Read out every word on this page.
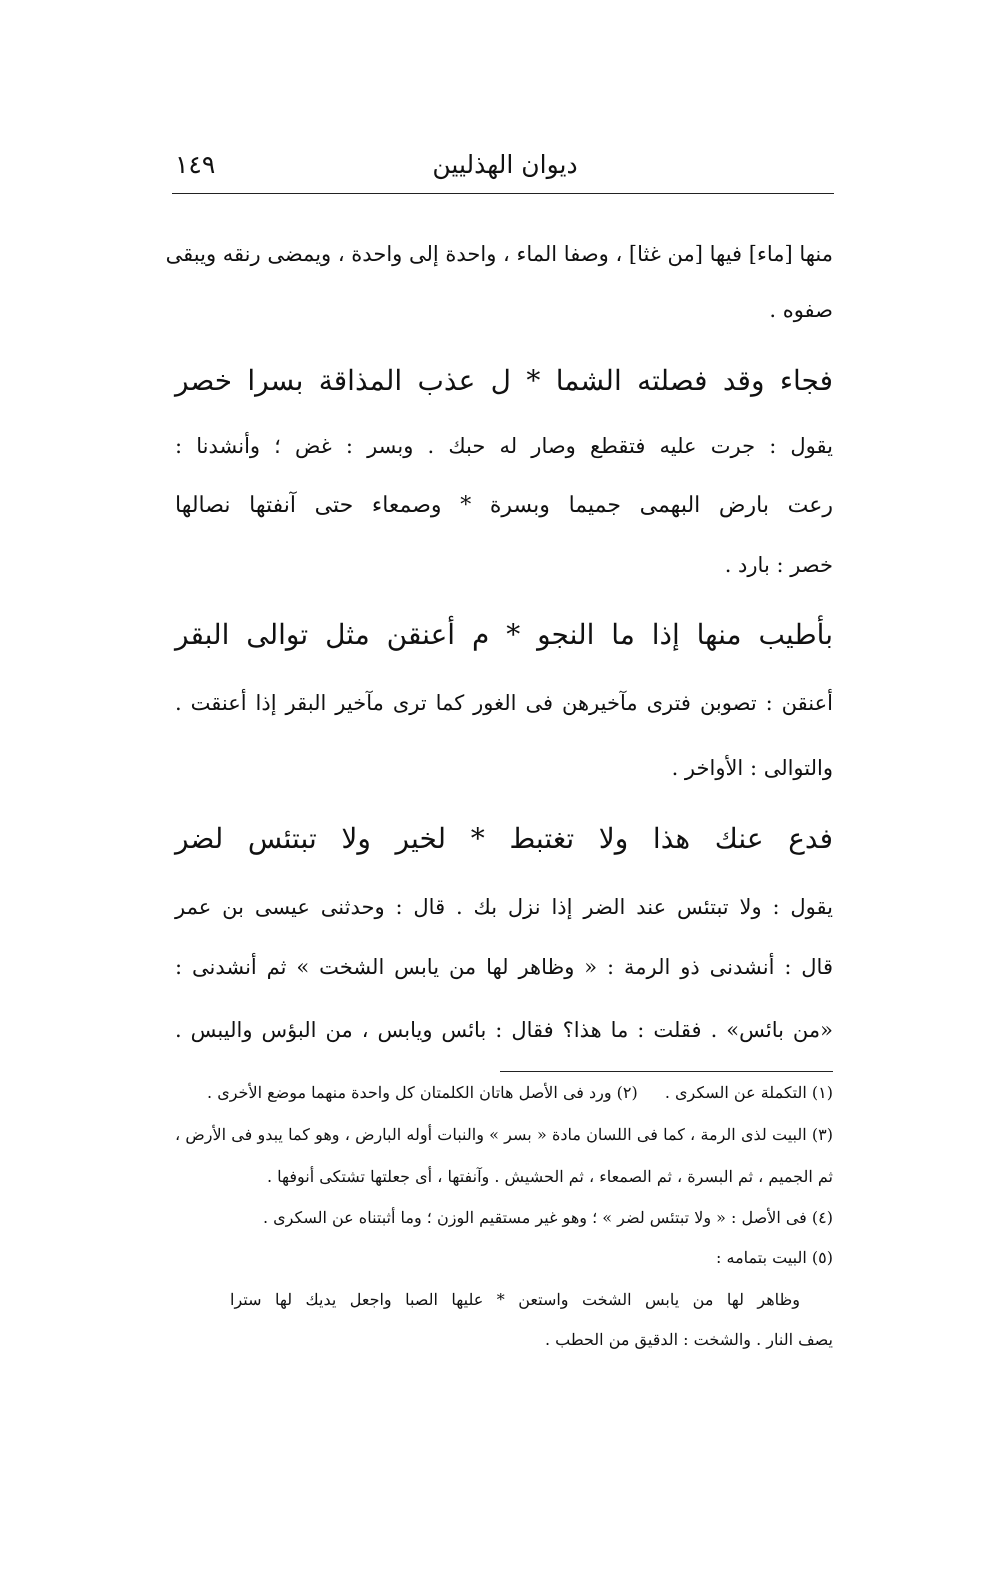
ديوان الهذليين
١٤٩
منها [ماء] فيها [من غثا] ، وصفا الماء ، واحدة إلى واحدة ، ويمضى رنقه ويبقى
صفوه .
فجاء وقد فصلته الشما * ل عذب المذاقة بسرا خصر
يقول : جرت عليه فتقطع وصار له حبك . وبسر : غض ؛ وأنشدنا :
رعت بارض البهمى جميما وبسرة * وصمعاء حتى آنفتها نصالها
خصر : بارد .
بأطيب منها إذا ما النجو * م أعنقن مثل توالى البقر
أعنقن : تصوبن فترى مآخيرهن فى الغور كما ترى مآخير البقر إذا أعنقت .
والتوالى : الأواخر .
فدع عنك هذا ولا تغتبط * لخير ولا تبتئس لضر
يقول : ولا تبتئس عند الضر إذا نزل بك . قال : وحدثنى عيسى بن عمر
قال : أنشدنى ذو الرمة : « وظاهر لها من يابس الشخت » ثم أنشدنى :
«من بائس» . فقلت : ما هذا؟ فقال : بائس ويابس ، من البؤس واليبس .
(١) التكملة عن السكرى . (٢) ورد فى الأصل هاتان الكلمتان كل واحدة منهما موضع الأخرى .
(٣) البيت لذى الرمة ، كما فى اللسان مادة « بسر » والنبات أوله البارض ، وهو كما يبدو فى الأرض ،
ثم الجميم ، ثم البسرة ، ثم الصمعاء ، ثم الحشيش . وآنفتها ، أى جعلتها تشتكى أنوفها .
(٤) فى الأصل : « ولا تبتئس لضر » ؛ وهو غير مستقيم الوزن ؛ وما أثبتناه عن السكرى .
(٥) البيت بتمامه :
وظاهر لها من يابس الشخت واستعن * عليها الصبا واجعل يديك لها سترا
يصف النار . والشخت : الدقيق من الحطب .
